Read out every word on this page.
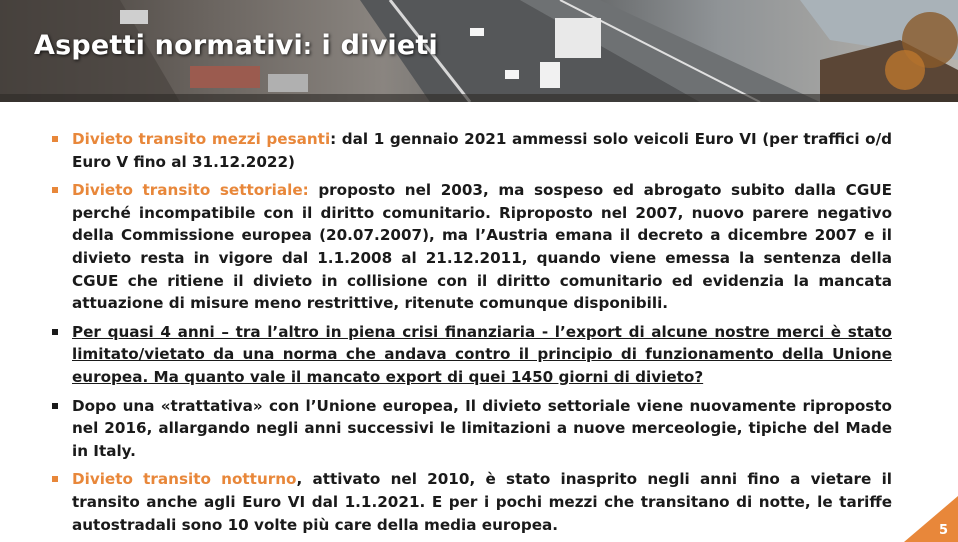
Aspetti normativi: i divieti
Divieto transito mezzi pesanti: dal 1 gennaio 2021 ammessi solo veicoli Euro VI (per traffici o/d Euro V fino al 31.12.2022)
Divieto transito settoriale: proposto nel 2003, ma sospeso ed abrogato subito dalla CGUE perché incompatibile con il diritto comunitario. Riproposto nel 2007, nuovo parere negativo della Commissione europea (20.07.2007), ma l’Austria emana il decreto a dicembre 2007 e il divieto resta in vigore dal 1.1.2008 al 21.12.2011, quando viene emessa la sentenza della CGUE che ritiene il divieto in collisione con il diritto comunitario ed evidenzia la mancata attuazione di misure meno restrittive, ritenute comunque disponibili.
Per quasi 4 anni – tra l’altro in piena crisi finanziaria - l’export di alcune nostre merci è stato limitato/vietato da una norma che andava contro il principio di funzionamento della Unione europea. Ma quanto vale il mancato export di quei 1450 giorni di divieto?
Dopo una «trattativa» con l’Unione europea, Il divieto settoriale viene nuovamente riproposto nel 2016, allargando negli anni successivi le limitazioni a nuove merceologie, tipiche del Made in Italy.
Divieto transito notturno, attivato nel 2010, è stato inasprito negli anni fino a vietare il transito anche agli Euro VI dal 1.1.2021. E per i pochi mezzi che transitano di notte, le tariffe autostradali sono 10 volte più care della media europea.	5
